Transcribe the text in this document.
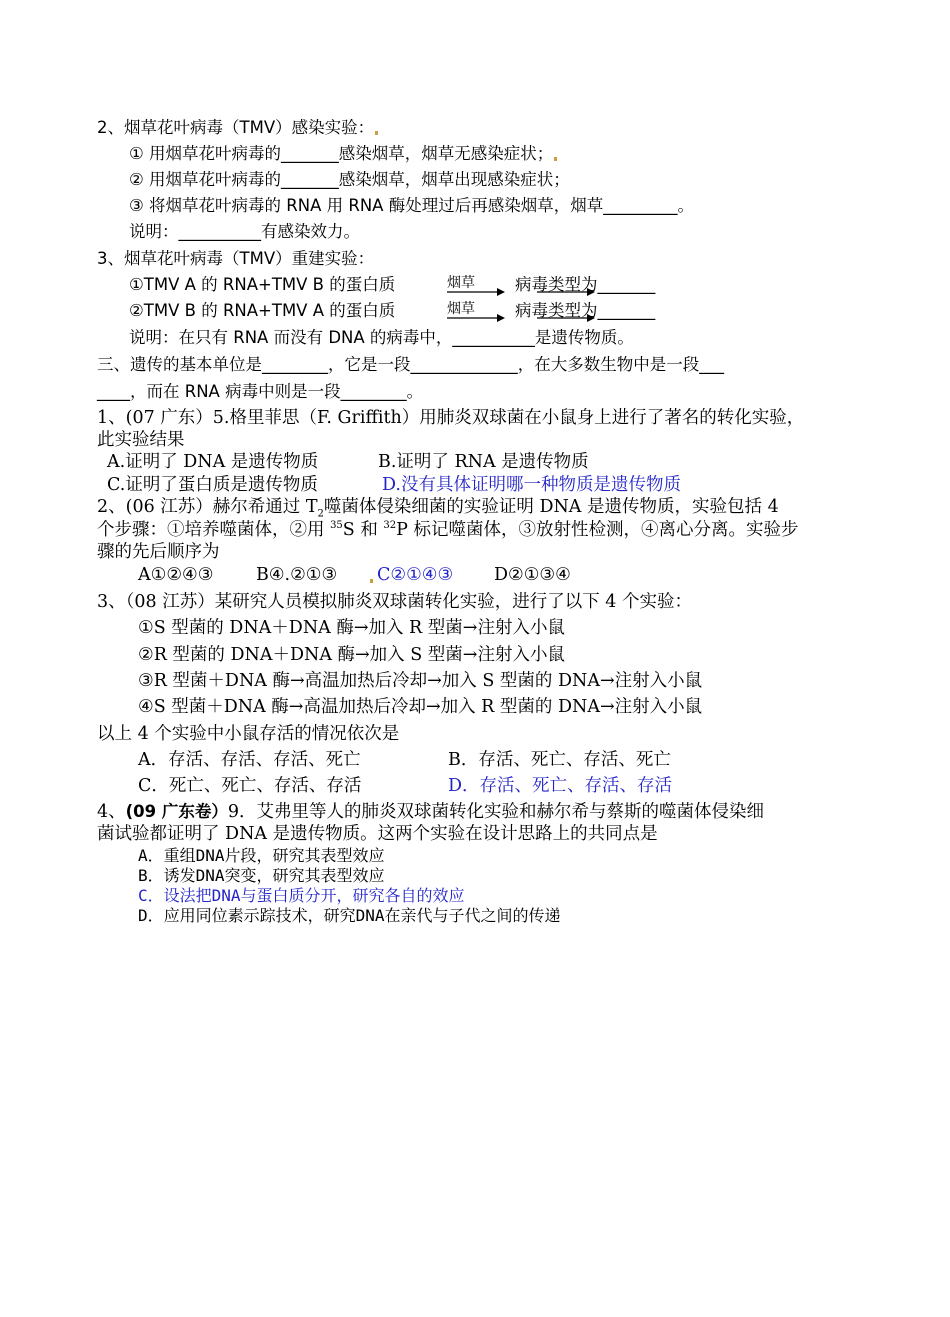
2、烟草花叶病毒（TMV）感染实验：
① 用烟草花叶病毒的_______感染烟草，烟草无感染症状；
② 用烟草花叶病毒的_______感染烟草，烟草出现感染症状；
③ 将烟草花叶病毒的 RNA 用 RNA 酶处理过后再感染烟草，烟草_________。
说明：__________有感染效力。
3、烟草花叶病毒（TMV）重建实验：
①TMV A 的 RNA+TMV B 的蛋白质	烟草 病毒类型为_______
②TMV B 的 RNA+TMV A 的蛋白质	烟草 病毒类型为_______
说明：在只有 RNA 而没有 DNA 的病毒中，__________是遗传物质。
三、遗传的基本单位是________，它是一段_____________，在大多数生物中是一段___
____，而在 RNA 病毒中则是一段________。
1、(07 广东）5.格里菲思（F. Griffith）用肺炎双球菌在小鼠身上进行了著名的转化实验，
此实验结果
A.证明了 DNA 是遗传物质	B.证明了 RNA 是遗传物质
C.证明了蛋白质是遗传物质	D.没有具体证明哪一种物质是遗传物质
2、(06 江苏）赫尔希通过 $T_2$噬菌体侵染细菌的实验证明 DNA 是遗传物质，实验包括 4
个步骤：①培养噬菌体，②用 $^{35}$S 和 $^{32}$P 标记噬菌体，③放射性检测，④离心分离。实验步
骤的先后顺序为
A①②④③ B④.②①③ C②①④③ D②①③④
3、（08 江苏）某研究人员模拟肺炎双球菌转化实验，进行了以下 4 个实验：
①S 型菌的 DNA＋DNA 酶→加入 R 型菌→注射入小鼠
②R 型菌的 DNA＋DNA 酶→加入 S 型菌→注射入小鼠
③R 型菌＋DNA 酶→高温加热后冷却→加入 S 型菌的 DNA→注射入小鼠
④S 型菌＋DNA 酶→高温加热后冷却→加入 R 型菌的 DNA→注射入小鼠
以上 4 个实验中小鼠存活的情况依次是
A．存活、存活、存活、死亡	B．存活、死亡、存活、死亡
C．死亡、死亡、存活、存活	D．存活、死亡、存活、存活
4、(09 广东卷）9．艾弗里等人的肺炎双球菌转化实验和赫尔希与蔡斯的噬菌体侵染细
菌试验都证明了 DNA 是遗传物质。这两个实验在设计思路上的共同点是
A．重组DNA片段，研究其表型效应
B．诱发DNA突变，研究其表型效应
C．设法把DNA与蛋白质分开，研究各自的效应
D．应用同位素示踪技术，研究DNA在亲代与子代之间的传递
